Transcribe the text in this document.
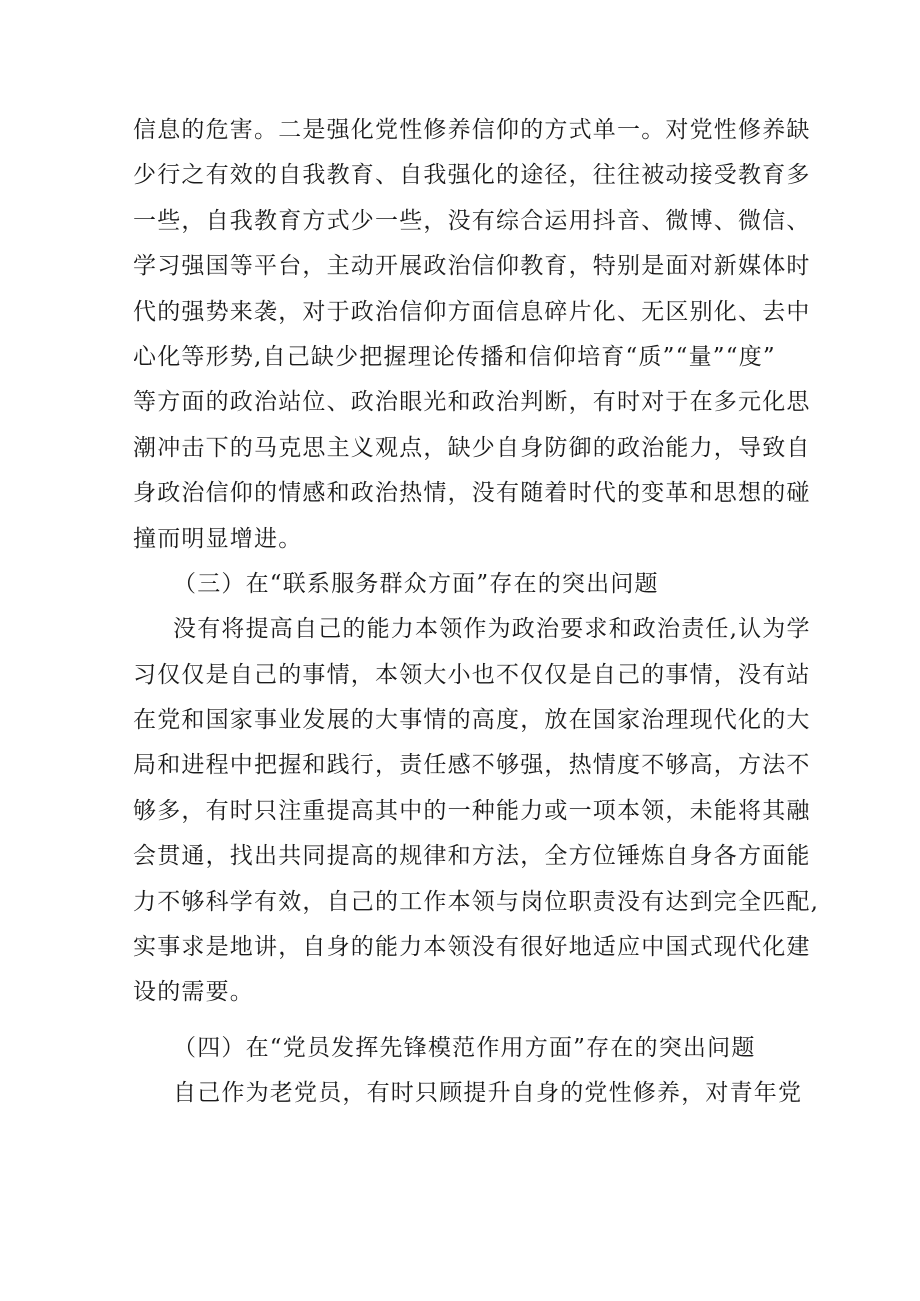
信息的危害。二是强化党性修养信仰的方式单一。对党性修养缺
少行之有效的自我教育、自我强化的途径，往往被动接受教育多
一些，自我教育方式少一些，没有综合运用抖音、微博、微信、
学习强国等平台，主动开展政治信仰教育，特别是面对新媒体时
代的强势来袭，对于政治信仰方面信息碎片化、无区别化、去中
心化等形势,自己缺少把握理论传播和信仰培育“质”“量”“度”
等方面的政治站位、政治眼光和政治判断，有时对于在多元化思
潮冲击下的马克思主义观点，缺少自身防御的政治能力，导致自
身政治信仰的情感和政治热情，没有随着时代的变革和思想的碰
撞而明显增进。
（三）在“联系服务群众方面”存在的突出问题
没有将提高自己的能力本领作为政治要求和政治责任,认为学
习仅仅是自己的事情，本领大小也不仅仅是自己的事情，没有站
在党和国家事业发展的大事情的高度，放在国家治理现代化的大
局和进程中把握和践行，责任感不够强，热情度不够高，方法不
够多，有时只注重提高其中的一种能力或一项本领，未能将其融
会贯通，找出共同提高的规律和方法，全方位锤炼自身各方面能
力不够科学有效，自己的工作本领与岗位职责没有达到完全匹配,
实事求是地讲，自身的能力本领没有很好地适应中国式现代化建
设的需要。
（四）在“党员发挥先锋模范作用方面”存在的突出问题
自己作为老党员，有时只顾提升自身的党性修养，对青年党
